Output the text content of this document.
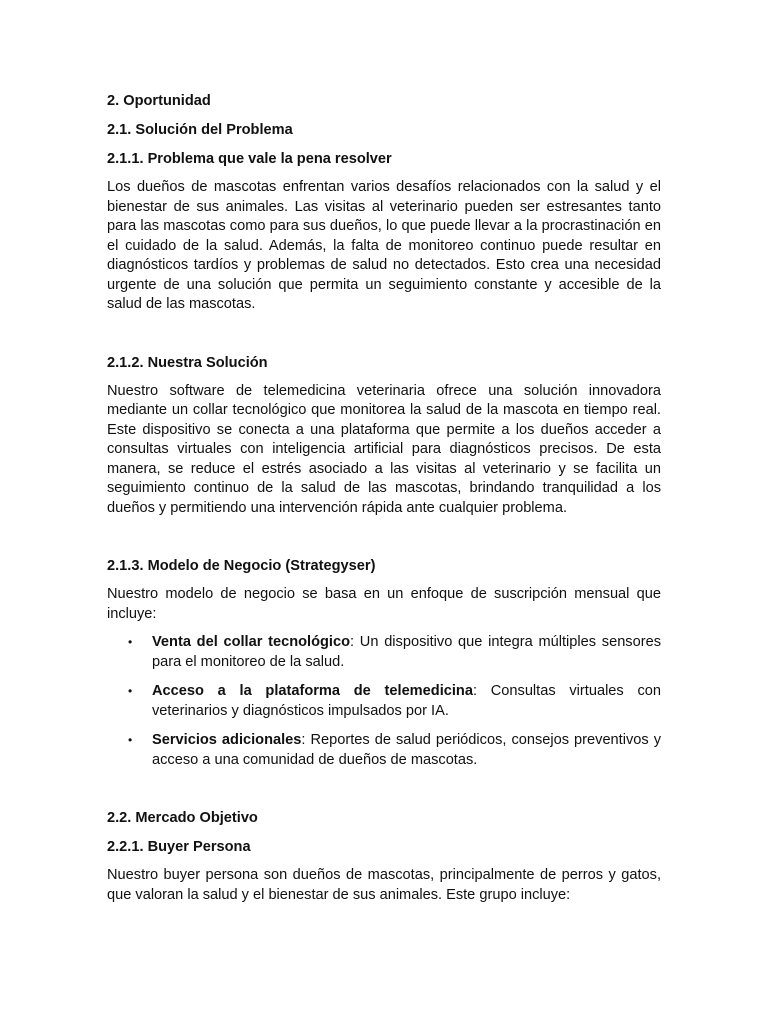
2. Oportunidad

2.1. Solución del Problema

2.1.1. Problema que vale la pena resolver

Los dueños de mascotas enfrentan varios desafíos relacionados con la salud y el bienestar de sus animales. Las visitas al veterinario pueden ser estresantes tanto para las mascotas como para sus dueños, lo que puede llevar a la procrastinación en el cuidado de la salud. Además, la falta de monitoreo continuo puede resultar en diagnósticos tardíos y problemas de salud no detectados. Esto crea una necesidad urgente de una solución que permita un seguimiento constante y accesible de la salud de las mascotas.

2.1.2. Nuestra Solución

Nuestro software de telemedicina veterinaria ofrece una solución innovadora mediante un collar tecnológico que monitorea la salud de la mascota en tiempo real. Este dispositivo se conecta a una plataforma que permite a los dueños acceder a consultas virtuales con inteligencia artificial para diagnósticos precisos. De esta manera, se reduce el estrés asociado a las visitas al veterinario y se facilita un seguimiento continuo de la salud de las mascotas, brindando tranquilidad a los dueños y permitiendo una intervención rápida ante cualquier problema.

2.1.3. Modelo de Negocio (Strategyser)

Nuestro modelo de negocio se basa en un enfoque de suscripción mensual que incluye:

• Venta del collar tecnológico: Un dispositivo que integra múltiples sensores para el monitoreo de la salud.
• Acceso a la plataforma de telemedicina: Consultas virtuales con veterinarios y diagnósticos impulsados por IA.
• Servicios adicionales: Reportes de salud periódicos, consejos preventivos y acceso a una comunidad de dueños de mascotas.

2.2. Mercado Objetivo

2.2.1. Buyer Persona

Nuestro buyer persona son dueños de mascotas, principalmente de perros y gatos, que valoran la salud y el bienestar de sus animales. Este grupo incluye:
